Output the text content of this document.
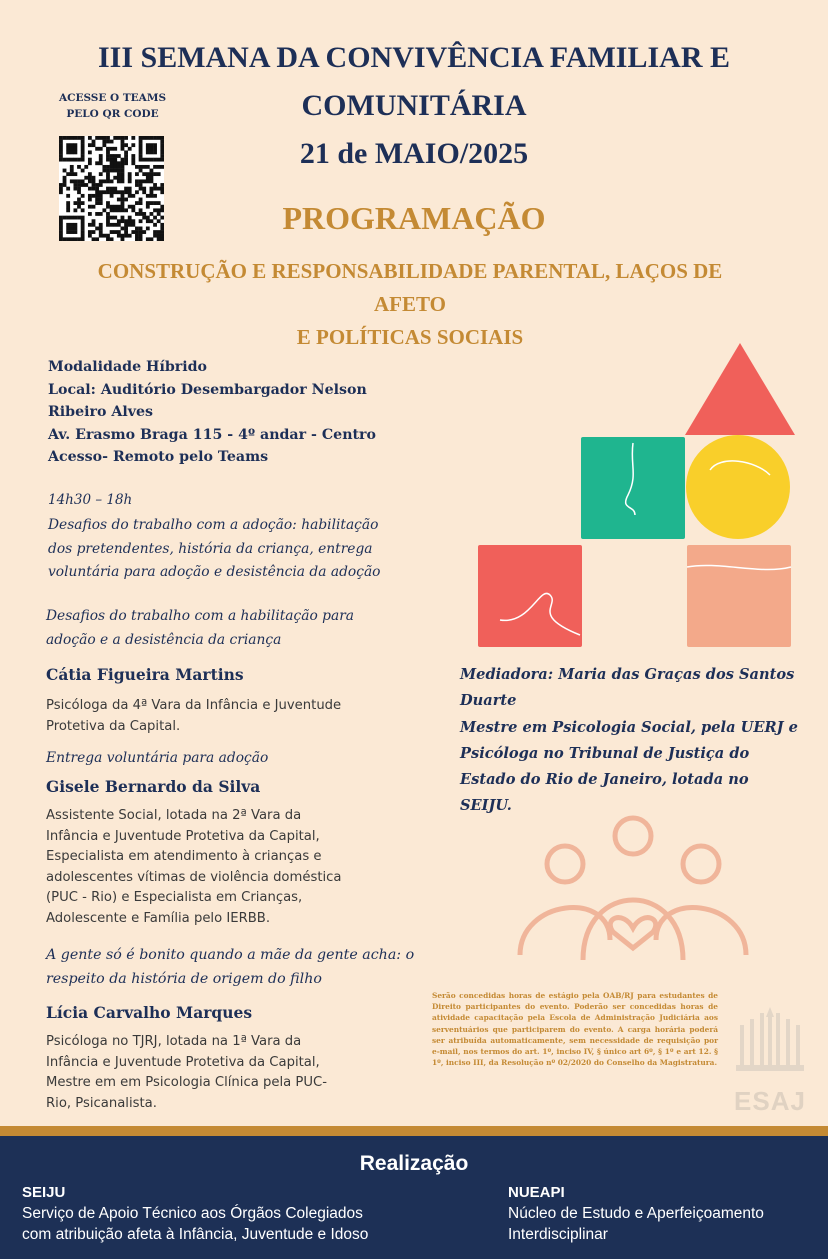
III SEMANA DA CONVIVÊNCIA FAMILIAR E
COMUNITÁRIA
21 de MAIO/2025
ACESSE O TEAMS
PELO QR CODE
PROGRAMAÇÃO
CONSTRUÇÃO E RESPONSABILIDADE PARENTAL, LAÇOS DE AFETO
E POLÍTICAS SOCIAIS
Modalidade Híbrido
Local: Auditório Desembargador Nelson
Ribeiro Alves
Av. Erasmo Braga 115 - 4º andar - Centro
Acesso- Remoto pelo Teams
14h30 – 18h
Desafios do trabalho com a adoção: habilitação
dos pretendentes, história da criança, entrega
voluntária para adoção e desistência da adoção
Desafios do trabalho com a habilitação para
adoção e a desistência da criança
Cátia Figueira Martins
Psicóloga da 4ª Vara da Infância e Juventude
Protetiva da Capital.
Entrega voluntária para adoção
Gisele Bernardo da Silva
Assistente Social, lotada na 2ª Vara da
Infância e Juventude Protetiva da Capital,
Especialista em atendimento à crianças e
adolescentes vítimas de violência doméstica
(PUC - Rio) e Especialista em Crianças,
Adolescente e Família pelo IERBB.
A gente só é bonito quando a mãe da gente acha: o
respeito da história de origem do filho
Lícia Carvalho Marques
Psicóloga no TJRJ, lotada na 1ª Vara da
Infância e Juventude Protetiva da Capital,
Mestre em em Psicologia Clínica pela PUC-
Rio, Psicanalista.
Mediadora: Maria das Graças dos Santos
Duarte
Mestre em Psicologia Social, pela UERJ e
Psicóloga no Tribunal de Justiça do
Estado do Rio de Janeiro, lotada no
SEIJU.
Serão concedidas horas de estágio pela OAB/RJ para estudantes de Direito participantes do evento. Poderão ser concedidas horas de atividade capacitação pela Escola de Administração Judiciária aos serventuários que participarem do evento. A carga horária poderá ser atribuída automaticamente, sem necessidade de requisição por e-mail, nos termos do art. 1º, inciso IV, § único art 6º, § 1º e art 12. § 1º, inciso III, da Resolução nº 02/2020 do Conselho da Magistratura.
ESAJ
Realização
SEIJU
Serviço de Apoio Técnico aos Órgãos Colegiados
com atribuição afeta à Infância, Juventude e Idoso
NUEAPI
Núcleo de Estudo e Aperfeiçoamento
Interdisciplinar
